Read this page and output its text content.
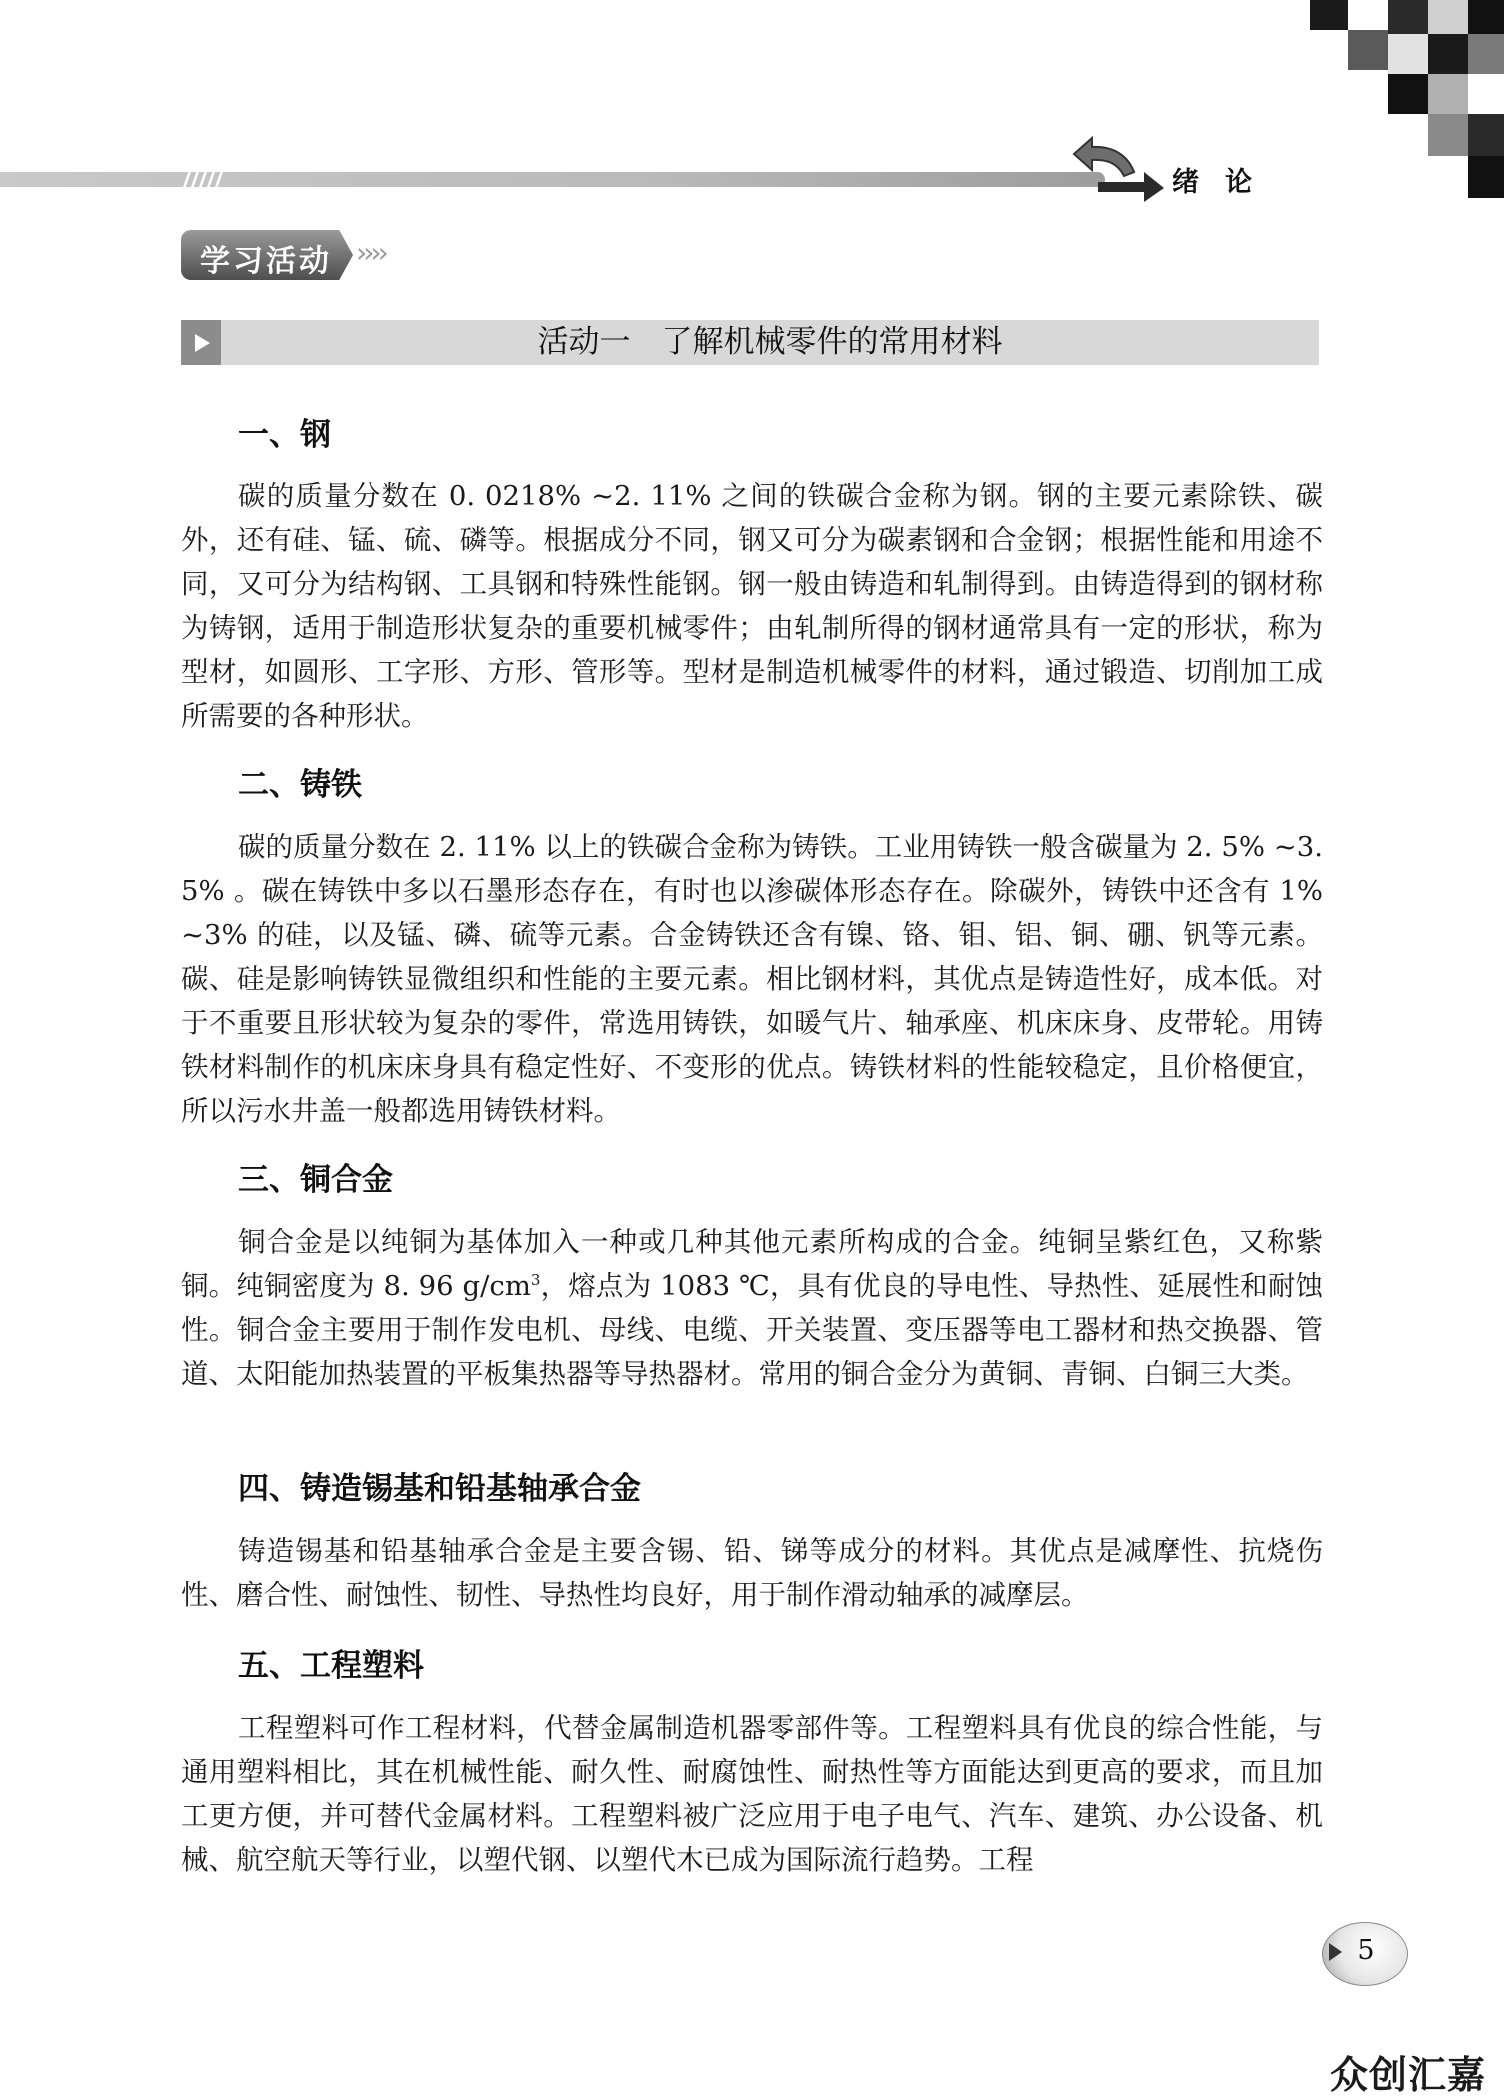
绪论
学习活动 ››››
活动一　了解机械零件的常用材料
一、钢
碳的质量分数在 0. 0218% ~2. 11% 之间的铁碳合金称为钢。钢的主要元素除铁、碳外，还有硅、锰、硫、磷等。根据成分不同，钢又可分为碳素钢和合金钢；根据性能和用途不同，又可分为结构钢、工具钢和特殊性能钢。钢一般由铸造和轧制得到。由铸造得到的钢材称为铸钢，适用于制造形状复杂的重要机械零件；由轧制所得的钢材通常具有一定的形状，称为型材，如圆形、工字形、方形、管形等。型材是制造机械零件的材料，通过锻造、切削加工成所需要的各种形状。
二、铸铁
碳的质量分数在 2. 11% 以上的铁碳合金称为铸铁。工业用铸铁一般含碳量为 2. 5% ~3. 5% 。碳在铸铁中多以石墨形态存在，有时也以渗碳体形态存在。除碳外，铸铁中还含有 1% ~3% 的硅，以及锰、磷、硫等元素。合金铸铁还含有镍、铬、钼、铝、铜、硼、钒等元素。碳、硅是影响铸铁显微组织和性能的主要元素。相比钢材料，其优点是铸造性好，成本低。对于不重要且形状较为复杂的零件，常选用铸铁，如暖气片、轴承座、机床床身、皮带轮。用铸铁材料制作的机床床身具有稳定性好、不变形的优点。铸铁材料的性能较稳定，且价格便宜，所以污水井盖一般都选用铸铁材料。
三、铜合金
铜合金是以纯铜为基体加入一种或几种其他元素所构成的合金。纯铜呈紫红色，又称紫铜。纯铜密度为 8. 96 $g/cm^3$，熔点为 1083 ℃，具有优良的导电性、导热性、延展性和耐蚀性。铜合金主要用于制作发电机、母线、电缆、开关装置、变压器等电工器材和热交换器、管道、太阳能加热装置的平板集热器等导热器材。常用的铜合金分为黄铜、青铜、白铜三大类。
四、铸造锡基和铅基轴承合金
铸造锡基和铅基轴承合金是主要含锡、铅、锑等成分的材料。其优点是减摩性、抗烧伤性、磨合性、耐蚀性、韧性、导热性均良好，用于制作滑动轴承的减摩层。
五、工程塑料
工程塑料可作工程材料，代替金属制造机器零部件等。工程塑料具有优良的综合性能，与通用塑料相比，其在机械性能、耐久性、耐腐蚀性、耐热性等方面能达到更高的要求，而且加工更方便，并可替代金属材料。工程塑料被广泛应用于电子电气、汽车、建筑、办公设备、机械、航空航天等行业，以塑代钢、以塑代木已成为国际流行趋势。工程
5
众创汇嘉
